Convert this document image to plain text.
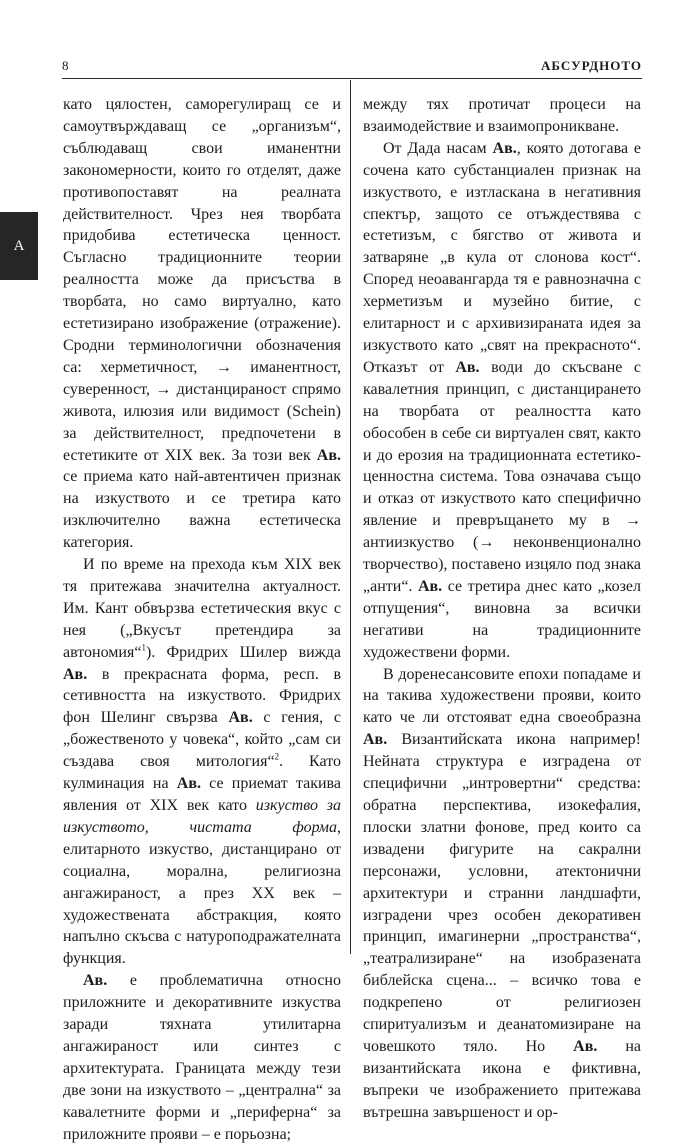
8	АБСУРДНОТО
А

като цялостен, саморегулиращ се и самоутвърждаващ се „организъм“, съблюдаващ свои иманентни закономерности, които го отделят, даже противопоставят на реалната действителност. Чрез нея творбата придобива естетическа ценност. Съгласно традиционните теории реалността може да присъства в творбата, но само виртуално, като естетизирано изображение (отражение). Сродни терминологични обозначения са: херметичност, → иманентност, суверенност, → дистанцираност спрямо живота, илюзия или видимост (Schein) за действителност, предпочетени в естетиките от XIX век. За този век Ав. се приема като най-автентичен признак на изкуството и се третира като изключително важна естетическа категория.

И по време на прехода към XIX век тя притежава значителна актуалност. Им. Кант обвързва естетическия вкус с нея („Вкусът претендира за автономия“$^1$). Фридрих Шилер вижда Ав. в прекрасната форма, респ. в сетивността на изкуството. Фридрих фон Шелинг свързва Ав. с гения, с „божественото у човека“, който „сам си създава своя митология“$^2$. Като кулминация на Ав. се приемат такива явления от XIX век като изкуство за изкуството, чистата форма, елитарното изкуство, дистанцирано от социална, морална, религиозна ангажираност, а през XX век – художествената абстракция, която напълно скъсва с натуроподражателната функция.

Ав. е проблематична относно приложните и декоративните изкуства заради тяхната утилитарна ангажираност или синтез с архитектурата. Границата между тези две зони на изкуството – „централна“ за кавалетните форми и „периферна“ за приложните прояви – е порьозна;

между тях протичат процеси на взаимодействие и взаимопроникване.

От Дада насам Ав., която дотогава е сочена като субстанциален признак на изкуството, е изтласкана в негативния спектър, защото се отъждествява с естетизъм, с бягство от живота и затваряне „в кула от слонова кост“. Според неоавангарда тя е равнозначна с херметизъм и музейно битие, с елитарност и с архивизираната идея за изкуството като „свят на прекрасното“. Отказът от Ав. води до скъсване с кавалетния принцип, с дистанцирането на творбата от реалността като обособен в себе си виртуален свят, както и до ерозия на традиционната естетико-ценностна система. Това означава също и отказ от изкуството като специфично явление и превръщането му в → антиизкуство (→ неконвенционално творчество), поставено изцяло под знака „анти“. Ав. се третира днес като „козел отпущения“, виновна за всички негативи на традиционните художествени форми.

В доренесансовите епохи попадаме и на такива художествени прояви, които като че ли отстояват една своеобразна Ав. Византийската икона например! Нейната структура е изградена от специфични „интровертни“ средства: обратна перспектива, изокефалия, плоски златни фонове, пред които са извадени фигурите на сакрални персонажи, условни, атектонични архитектури и странни ландшафти, изградени чрез особен декоративен принцип, имагинерни „пространства“, „театрализиране“ на изобразената библейска сцена... – всичко това е подкрепено от религиозен спиритуализъм и деанатомизиране на човешкото тяло. Но Ав. на византийската икона е фиктивна, въпреки че изображението притежава вътрешна завършеност и ор-
